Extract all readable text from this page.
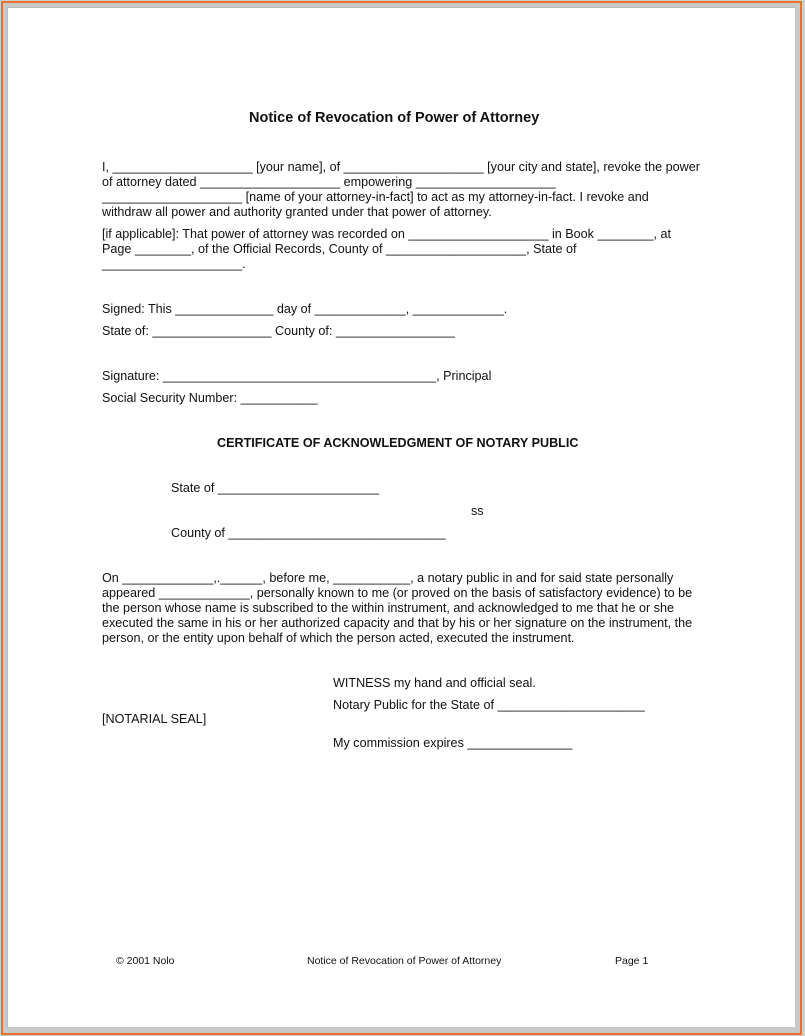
Notice of Revocation of Power of Attorney
I, ____________________ [your name], of ____________________ [your city and state], revoke the power
of attorney dated ____________________ empowering ____________________
____________________ [name of your attorney-in-fact] to act as my attorney-in-fact. I revoke and
withdraw all power and authority granted under that power of attorney.
[if applicable]: That power of attorney was recorded on ____________________ in Book ________, at
Page ________, of the Official Records, County of ____________________, State of
____________________.
Signed: This ______________ day of _____________, _____________.
State of: _________________ County of: _________________
Signature: _______________________________________, Principal
Social Security Number: ___________
CERTIFICATE OF ACKNOWLEDGMENT OF NOTARY PUBLIC
State of _______________________
ss
County of _______________________________
On _____________,.______, before me, ___________, a notary public in and for said state personally
appeared _____________, personally known to me (or proved on the basis of satisfactory evidence) to be
the person whose name is subscribed to the within instrument, and acknowledged to me that he or she
executed the same in his or her authorized capacity and that by his or her signature on the instrument, the
person, or the entity upon behalf of which the person acted, executed the instrument.
WITNESS my hand and official seal.
Notary Public for the State of _____________________
[NOTARIAL SEAL]
My commission expires _______________
© 2001 Nolo	Notice of Revocation of Power of Attorney	Page 1
